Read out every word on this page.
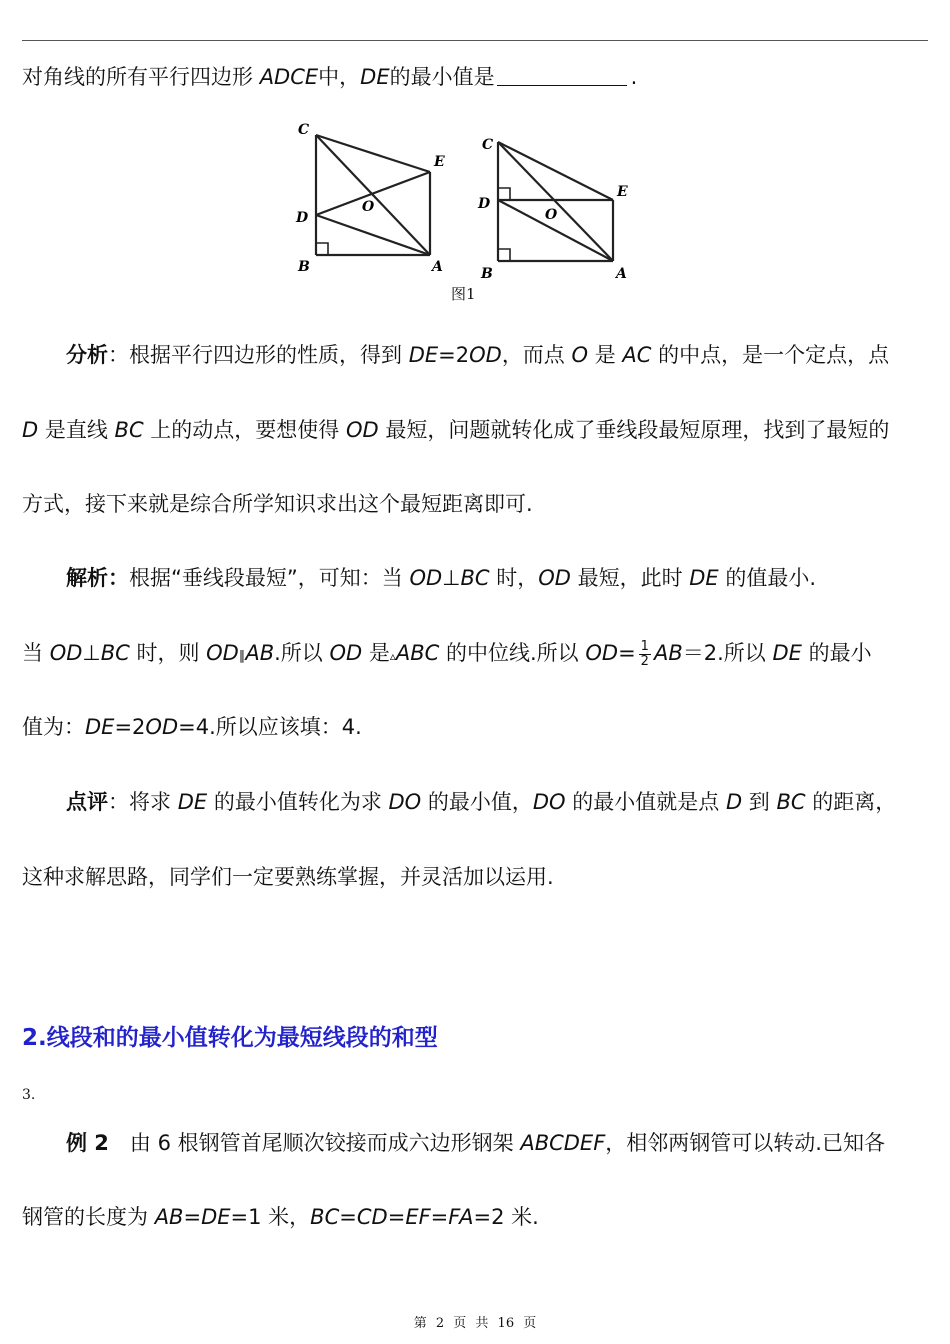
对角线的所有平行四边形 ADCE中，DE的最小值是	.
C
E
O
D
B	A
C
E
O
D
B	A
图1
分析：根据平行四边形的性质，得到 DE=2OD，而点 O 是 AC 的中点，是一个定点，点
D 是直线 BC 上的动点，要想使得 OD 最短，问题就转化成了垂线段最短原理，找到了最短的
方式，接下来就是综合所学知识求出这个最短距离即可.
解析：根据“垂线段最短”，可知：当 OD⊥BC 时，OD 最短，此时 DE 的值最小.
当 OD⊥BC 时，则 OD∥AB.所以 OD 是▵ABC 的中位线.所以 $OD= \frac{1}{2} AB=2$.所以 DE 的最小
值为：DE=2OD=4.所以应该填：4.
点评：将求 DE 的最小值转化为求 DO 的最小值，DO 的最小值就是点 D 到 BC 的距离，
这种求解思路，同学们一定要熟练掌握，并灵活加以运用.
2.线段和的最小值转化为最短线段的和型
3.
例 2　由 6 根钢管首尾顺次铰接而成六边形钢架 ABCDEF，相邻两钢管可以转动.已知各
钢管的长度为 AB=DE=1 米，BC=CD=EF=FA=2 米.
第 2 页 共 16 页
